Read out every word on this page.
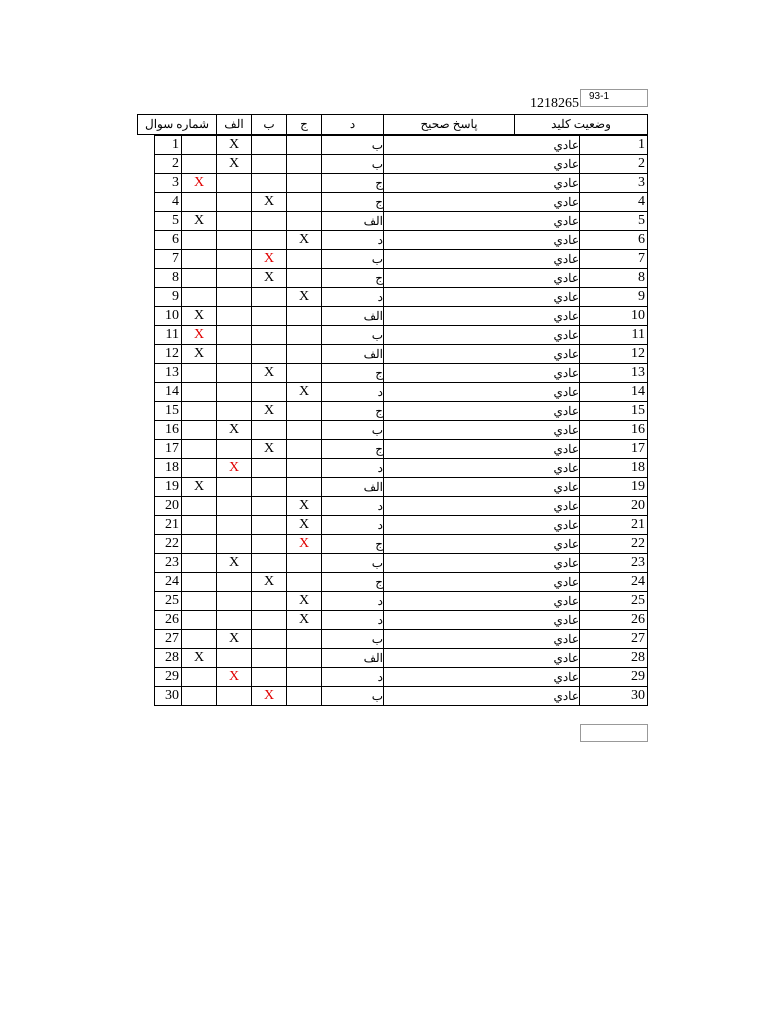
93-1
1218265
شماره سوال	الف	ب	ج	د	پاسخ صحیح	وضعیت کلید
1		X			ب	عادي	1
2		X			ب	عادي	2
3	X				ج	عادي	3
4			X		ج	عادي	4
5	X				الف	عادي	5
6				X	د	عادي	6
7			X		ب	عادي	7
8			X		ج	عادي	8
9				X	د	عادي	9
10	X				الف	عادي	10
11	X				ب	عادي	11
12	X				الف	عادي	12
13			X		ج	عادي	13
14				X	د	عادي	14
15			X		ج	عادي	15
16		X			ب	عادي	16
17			X		ج	عادي	17
18		X			د	عادي	18
19	X				الف	عادي	19
20				X	د	عادي	20
21				X	د	عادي	21
22				X	ج	عادي	22
23		X			ب	عادي	23
24			X		ج	عادي	24
25				X	د	عادي	25
26				X	د	عادي	26
27		X			ب	عادي	27
28	X				الف	عادي	28
29		X			د	عادي	29
30			X		ب	عادي	30
